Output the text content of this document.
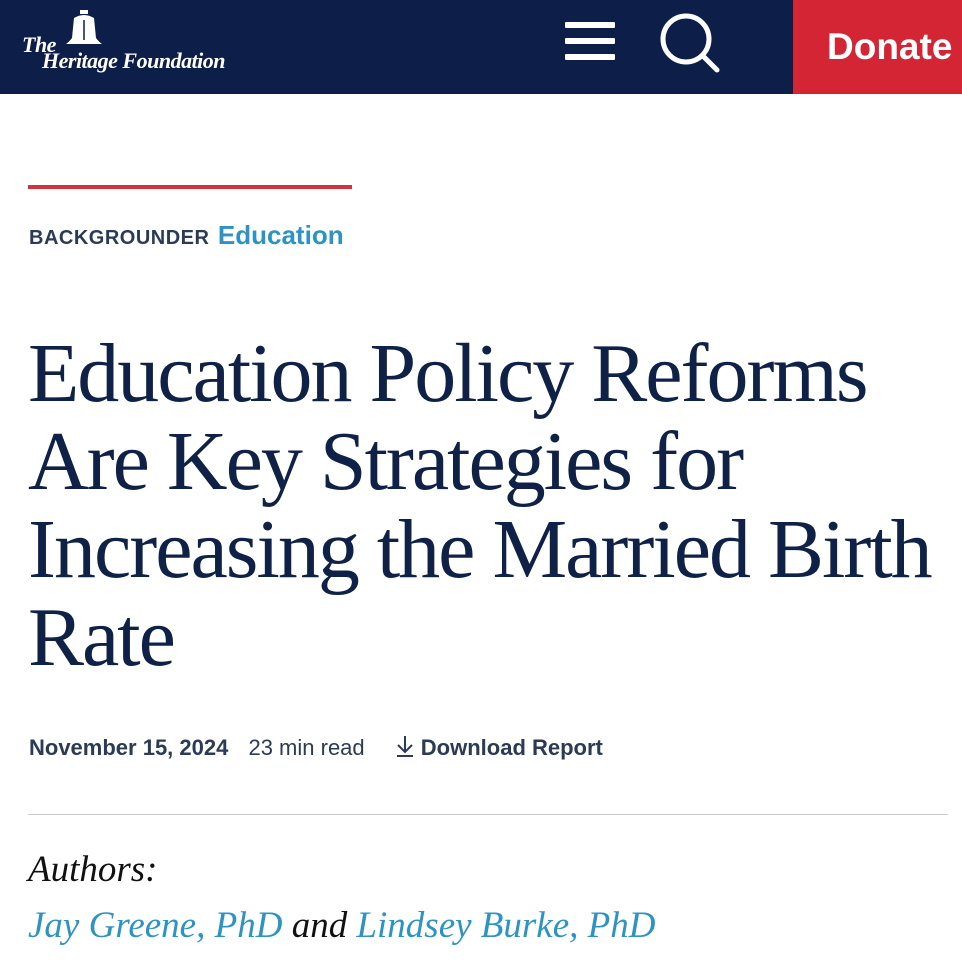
The
Heritage Foundation	Donate
BACKGROUNDER Education
Education Policy Reforms Are Key Strategies for Increasing the Married Birth Rate
November 15, 2024 23 min read	Download Report
Authors:
Jay Greene, PhD and Lindsey Burke, PhD
